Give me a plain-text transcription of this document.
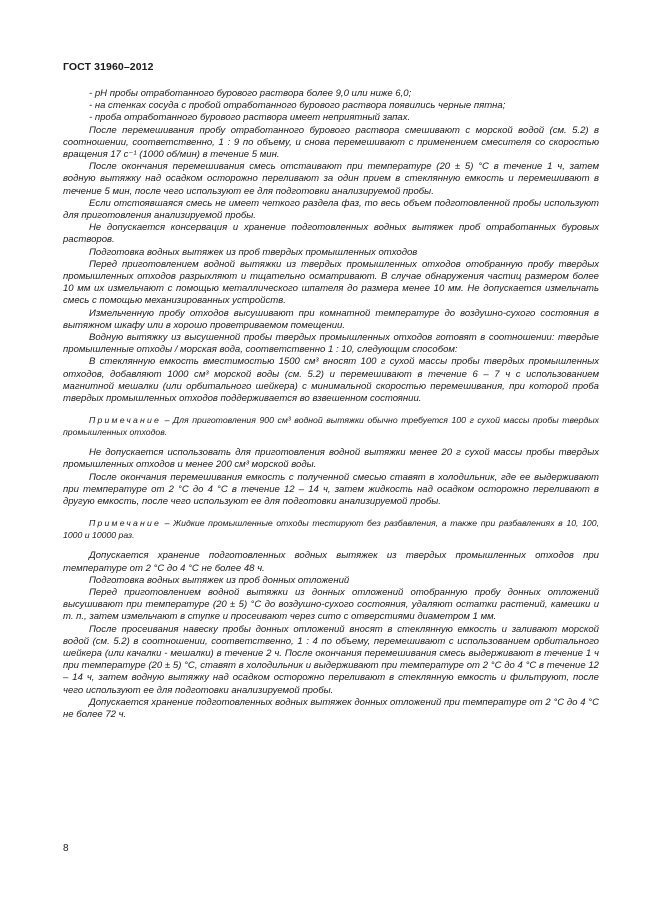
ГОСТ 31960–2012

- pH пробы отработанного бурового раствора более 9,0 или ниже 6,0;

- на стенках сосуда с пробой отработанного бурового раствора появились черные пятна;

- проба отработанного бурового раствора имеет неприятный запах.

После перемешивания пробу отработанного бурового раствора смешивают с морской водой (см. 5.2) в соотношении, соответственно, 1 : 9 по объему, и снова перемешивают с применением смесителя со скоростью вращения 17 с⁻¹ (1000 об/мин) в течение 5 мин.

После окончания перемешивания смесь отстаивают при температуре (20 ± 5) °С в течение 1 ч, затем водную вытяжку над осадком осторожно переливают за один прием в стеклянную емкость и перемешивают в течение 5 мин, после чего используют ее для подготовки анализируемой пробы.

Если отстоявшаяся смесь не имеет четкого раздела фаз, то весь объем подготовленной пробы используют для приготовления анализируемой пробы.

Не допускается консервация и хранение подготовленных водных вытяжек проб отработанных буровых растворов.

Подготовка водных вытяжек из проб твердых промышленных отходов

Перед приготовлением водной вытяжки из твердых промышленных отходов отобранную пробу твердых промышленных отходов разрыхляют и тщательно осматривают. В случае обнаружения частиц размером более 10 мм их измельчают с помощью металлического шпателя до размера менее 10 мм. Не допускается измельчать смесь с помощью механизированных устройств.

Измельченную пробу отходов высушивают при комнатной температуре до воздушно-сухого состояния в вытяжном шкафу или в хорошо проветриваемом помещении.

Водную вытяжку из высушенной пробы твердых промышленных отходов готовят в соотношении: твердые промышленные отходы / морская вода, соответственно 1 : 10, следующим способом:

В стеклянную емкость вместимостью 1500 см³ вносят 100 г сухой массы пробы твердых промышленных отходов, добавляют 1000 см³ морской воды (см. 5.2) и перемешивают в течение 6 – 7 ч с использованием магнитной мешалки (или орбитального шейкера) с минимальной скоростью перемешивания, при которой проба твердых промышленных отходов поддерживается во взвешенном состоянии.

Примечание – Для приготовления 900 см³ водной вытяжки обычно требуется 100 г сухой массы пробы твердых промышленных отходов.

Не допускается использовать для приготовления водной вытяжки менее 20 г сухой массы пробы твердых промышленных отходов и менее 200 см³ морской воды.

После окончания перемешивания емкость с полученной смесью ставят в холодильник, где ее выдерживают при температуре от 2 °С до 4 °С в течение 12 – 14 ч, затем жидкость над осадком осторожно переливают в другую емкость, после чего используют ее для подготовки анализируемой пробы.

Примечание – Жидкие промышленные отходы тестируют без разбавления, а также при разбавлениях в 10, 100, 1000 и 10000 раз.

Допускается хранение подготовленных водных вытяжек из твердых промышленных отходов при температуре от 2 °С до 4 °С не более 48 ч.

Подготовка водных вытяжек из проб донных отложений

Перед приготовлением водной вытяжки из донных отложений отобранную пробу донных отложений высушивают при температуре (20 ± 5) °С до воздушно-сухого состояния, удаляют остатки растений, камешки и т. п., затем измельчают в ступке и просеивают через сито с отверстиями диаметром 1 мм.

После просеивания навеску пробы донных отложений вносят в стеклянную емкость и заливают морской водой (см. 5.2) в соотношении, соответственно, 1 : 4 по объему, перемешивают с использованием орбитального шейкера (или качалки - мешалки) в течение 2 ч. После окончания перемешивания смесь выдерживают в течение 1 ч при температуре (20 ± 5) °С, ставят в холодильник и выдерживают при температуре от 2 °С до 4 °С в течение 12 – 14 ч, затем водную вытяжку над осадком осторожно переливают в стеклянную емкость и фильтруют, после чего используют ее для подготовки анализируемой пробы.

Допускается хранение подготовленных водных вытяжек донных отложений при температуре от 2 °С до 4 °С не более 72 ч.

8
